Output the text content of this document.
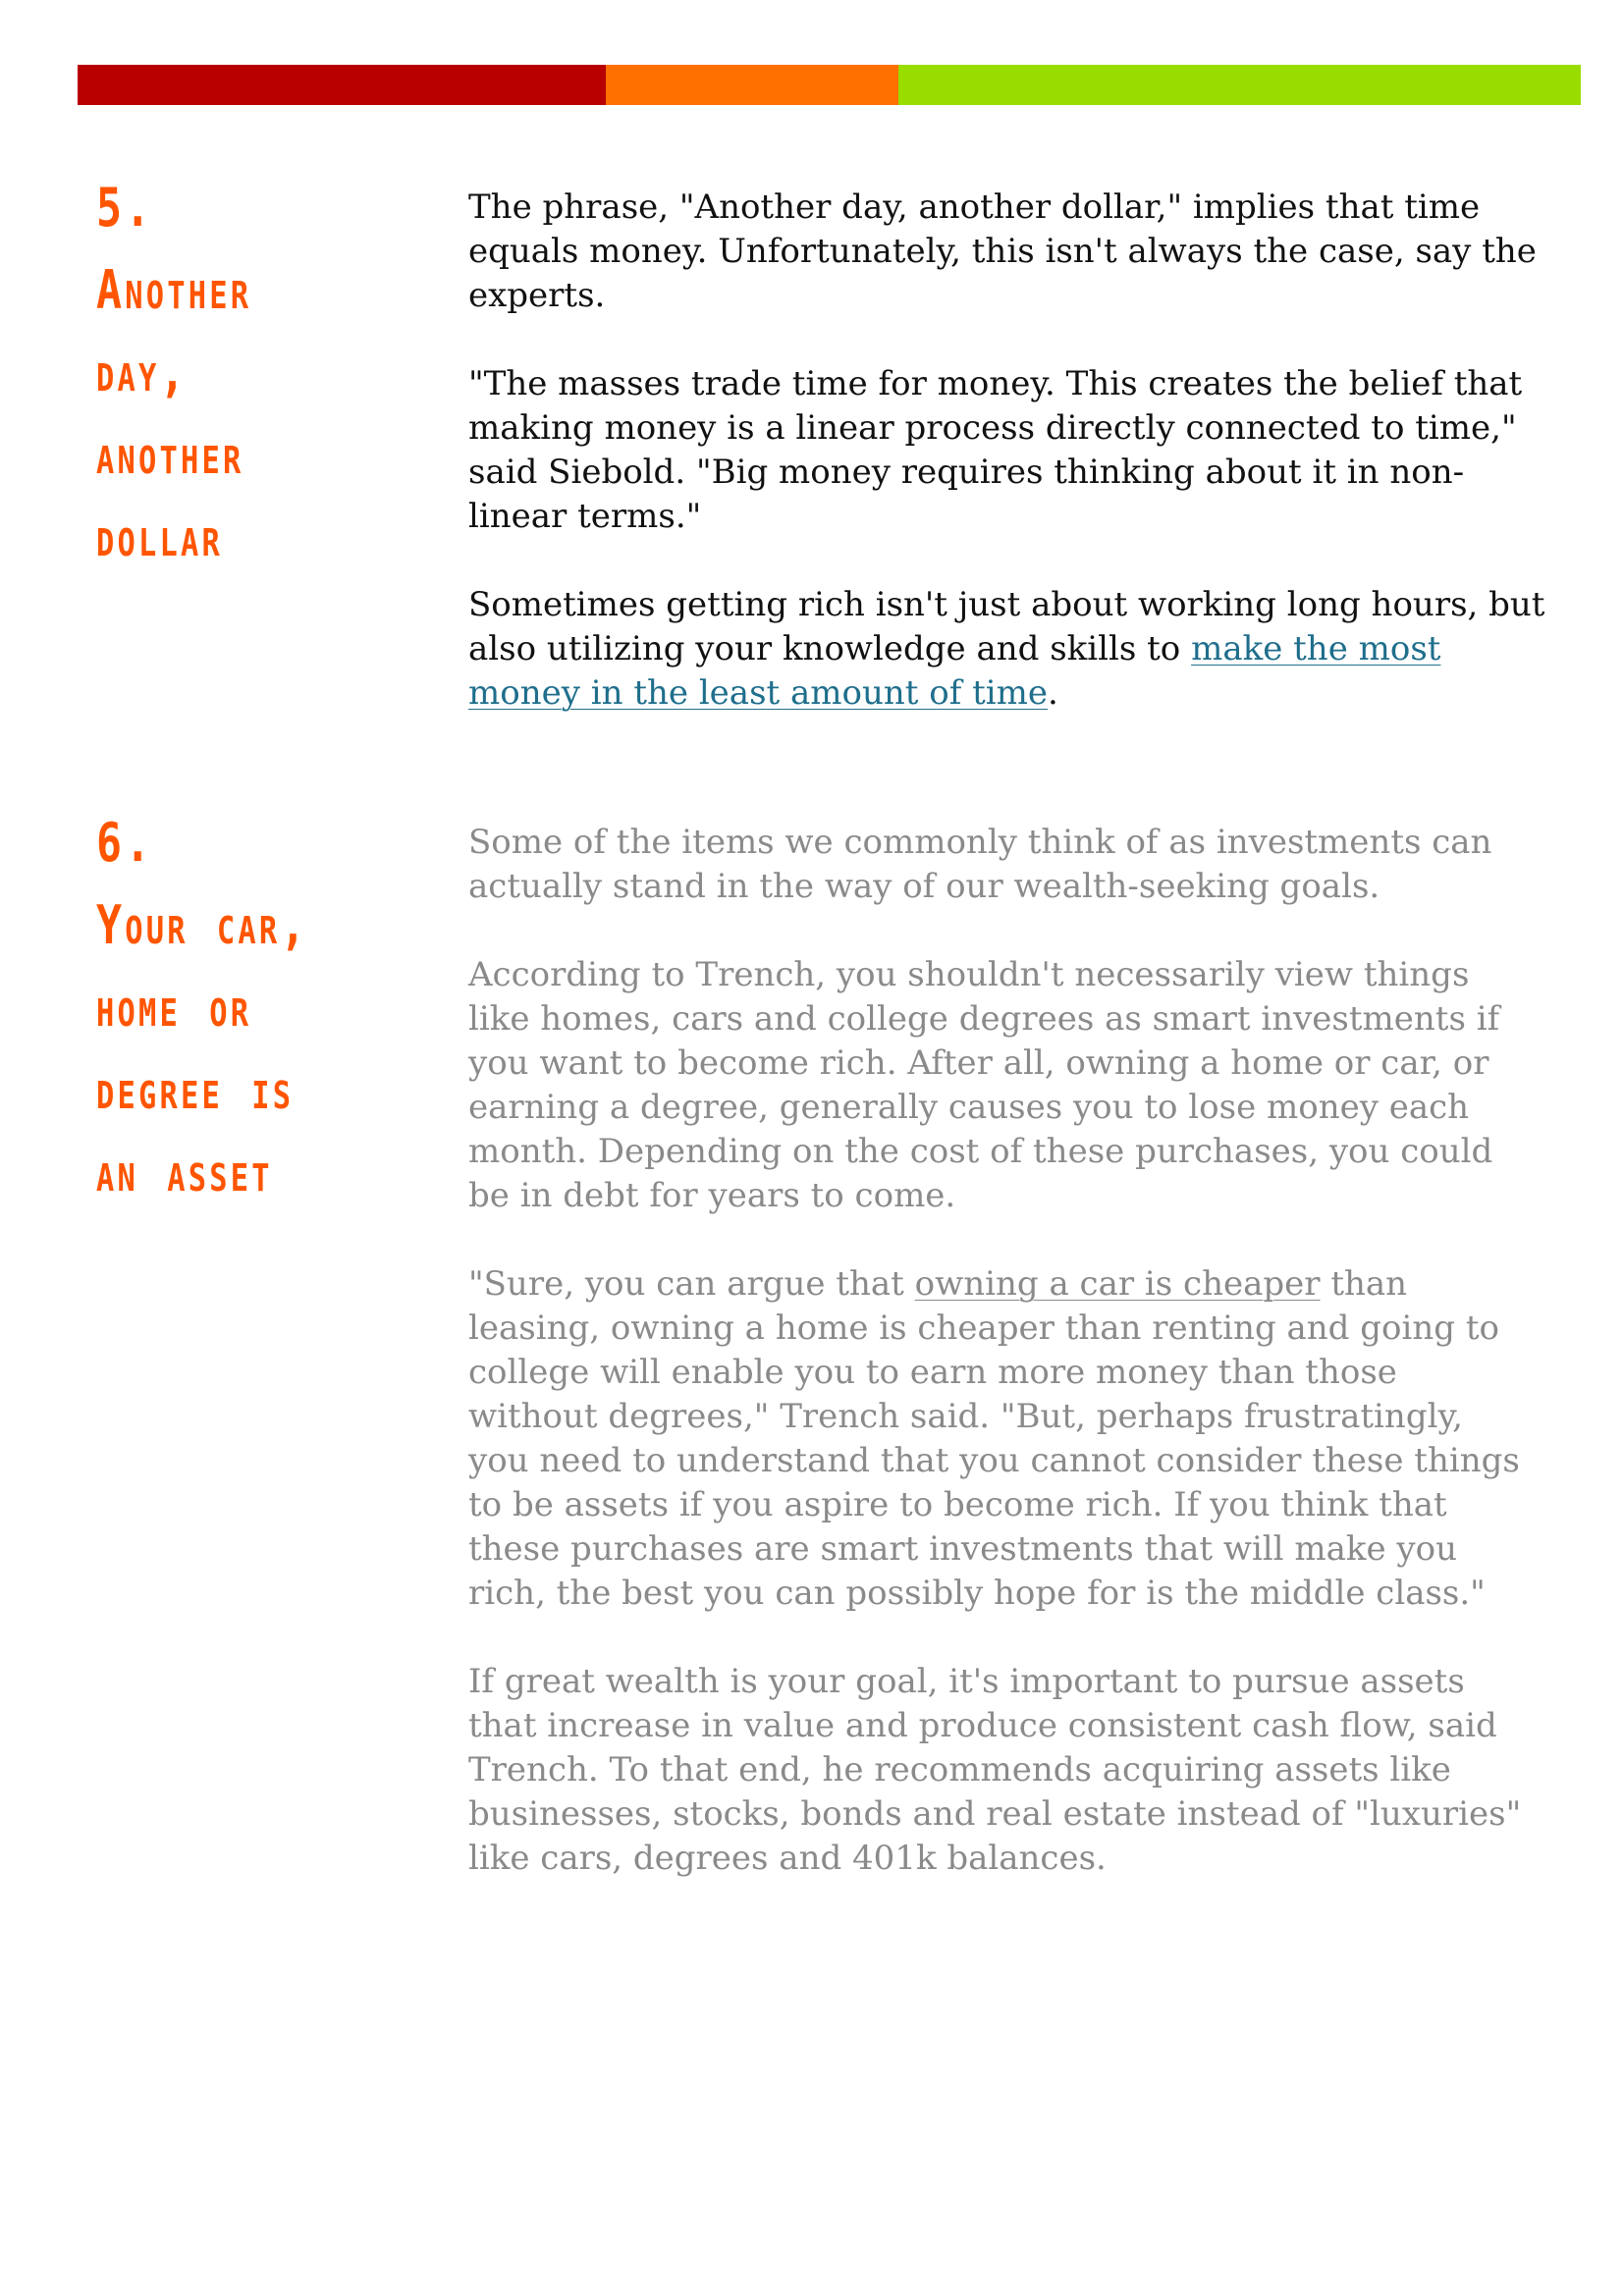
5.
Another
day,
another
dollar

The phrase, "Another day, another dollar," implies that time
equals money. Unfortunately, this isn't always the case, say the
experts.

"The masses trade time for money. This creates the belief that
making money is a linear process directly connected to time,"
said Siebold. "Big money requires thinking about it in non-
linear terms."

Sometimes getting rich isn't just about working long hours, but
also utilizing your knowledge and skills to make the most
money in the least amount of time.

6.
Your car,
home or
degree is
an asset

Some of the items we commonly think of as investments can
actually stand in the way of our wealth-seeking goals.

According to Trench, you shouldn't necessarily view things
like homes, cars and college degrees as smart investments if
you want to become rich. After all, owning a home or car, or
earning a degree, generally causes you to lose money each
month. Depending on the cost of these purchases, you could
be in debt for years to come.

"Sure, you can argue that owning a car is cheaper than
leasing, owning a home is cheaper than renting and going to
college will enable you to earn more money than those
without degrees," Trench said. "But, perhaps frustratingly,
you need to understand that you cannot consider these things
to be assets if you aspire to become rich. If you think that
these purchases are smart investments that will make you
rich, the best you can possibly hope for is the middle class."

If great wealth is your goal, it's important to pursue assets
that increase in value and produce consistent cash flow, said
Trench. To that end, he recommends acquiring assets like
businesses, stocks, bonds and real estate instead of "luxuries"
like cars, degrees and 401k balances.
